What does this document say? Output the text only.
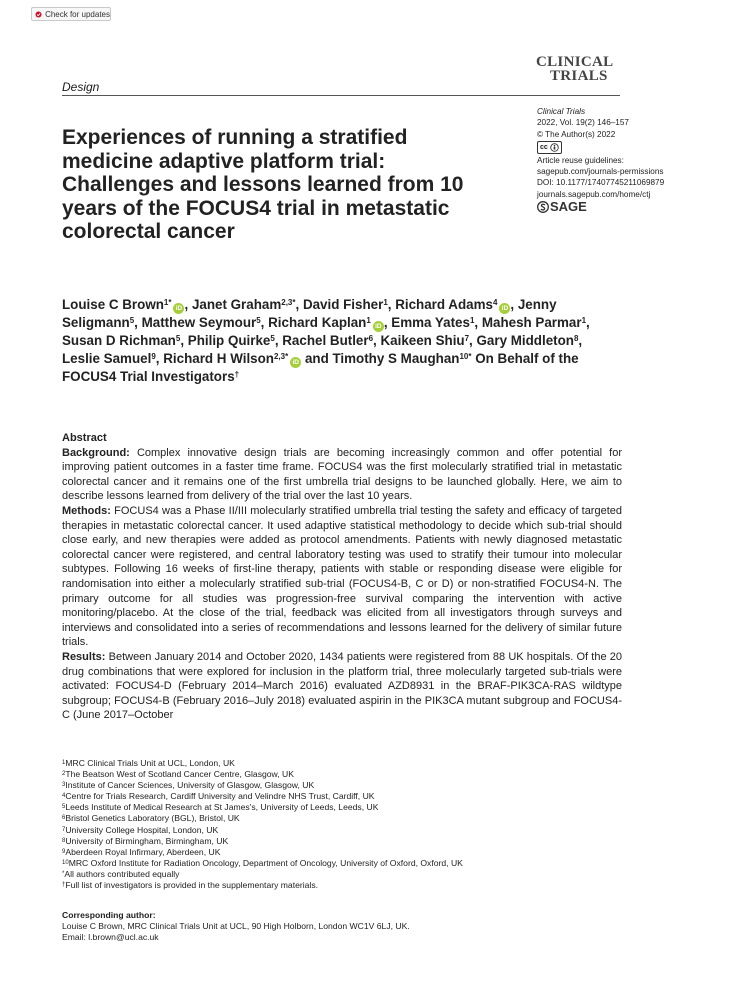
Check for updates
Design
CLINICAL
TRIALS
Clinical Trials
2022, Vol. 19(2) 146–157
© The Author(s) 2022
cc
Article reuse guidelines:
sagepub.com/journals-permissions
DOI: 10.1177/17407745211069879
journals.sagepub.com/home/ctj
SAGE
Experiences of running a stratified medicine adaptive platform trial: Challenges and lessons learned from 10 years of the FOCUS4 trial in metastatic colorectal cancer
Louise C Brown$^{1*}$iD , Janet Graham$^{2,3*}$, David Fisher$^1$, Richard Adams$^4$iD , Jenny Seligmann$^5$, Matthew Seymour$^5$, Richard Kaplan$^1$iD , Emma Yates$^1$, Mahesh Parmar$^1$, Susan D Richman$^5$, Philip Quirke$^5$, Rachel Butler$^6$, Kaikeen Shiu$^7$, Gary Middleton$^8$, Leslie Samuel$^9$, Richard H Wilson$^{2,3*}$iD and Timothy S Maughan$^{10*}$ On Behalf of the FOCUS4 Trial Investigators†
Abstract

Background: Complex innovative design trials are becoming increasingly common and offer potential for improving patient outcomes in a faster time frame. FOCUS4 was the first molecularly stratified trial in metastatic colorectal cancer and it remains one of the first umbrella trial designs to be launched globally. Here, we aim to describe lessons learned from delivery of the trial over the last 10 years.

Methods: FOCUS4 was a Phase II/III molecularly stratified umbrella trial testing the safety and efficacy of targeted therapies in metastatic colorectal cancer. It used adaptive statistical methodology to decide which sub-trial should close early, and new therapies were added as protocol amendments. Patients with newly diagnosed metastatic colorectal cancer were registered, and central laboratory testing was used to stratify their tumour into molecular subtypes. Following 16 weeks of first-line therapy, patients with stable or responding disease were eligible for randomisation into either a molecularly stratified sub-trial (FOCUS4-B, C or D) or non-stratified FOCUS4-N. The primary outcome for all studies was progression-free survival comparing the intervention with active monitoring/placebo. At the close of the trial, feedback was elicited from all investigators through surveys and interviews and consolidated into a series of recommendations and lessons learned for the delivery of similar future trials.

Results: Between January 2014 and October 2020, 1434 patients were registered from 88 UK hospitals. Of the 20 drug combinations that were explored for inclusion in the platform trial, three molecularly targeted sub-trials were activated: FOCUS4-D (February 2014–March 2016) evaluated AZD8931 in the BRAF-PIK3CA-RAS wildtype subgroup; FOCUS4-B (February 2016–July 2018) evaluated aspirin in the PIK3CA mutant subgroup and FOCUS4-C (June 2017–October

$^1$MRC Clinical Trials Unit at UCL, London, UK
$^2$The Beatson West of Scotland Cancer Centre, Glasgow, UK
$^3$Institute of Cancer Sciences, University of Glasgow, Glasgow, UK
$^4$Centre for Trials Research, Cardiff University and Velindre NHS Trust, Cardiff, UK
$^5$Leeds Institute of Medical Research at St James's, University of Leeds, Leeds, UK
$^6$Bristol Genetics Laboratory (BGL), Bristol, UK
$^7$University College Hospital, London, UK
$^8$University of Birmingham, Birmingham, UK
$^9$Aberdeen Royal Infirmary, Aberdeen, UK
$^{10}$MRC Oxford Institute for Radiation Oncology, Department of Oncology, University of Oxford, Oxford, UK
*All authors contributed equally
†Full list of investigators is provided in the supplementary materials.
Corresponding author:
Louise C Brown, MRC Clinical Trials Unit at UCL, 90 High Holborn, London WC1V 6LJ, UK.
Email: l.brown@ucl.ac.uk
